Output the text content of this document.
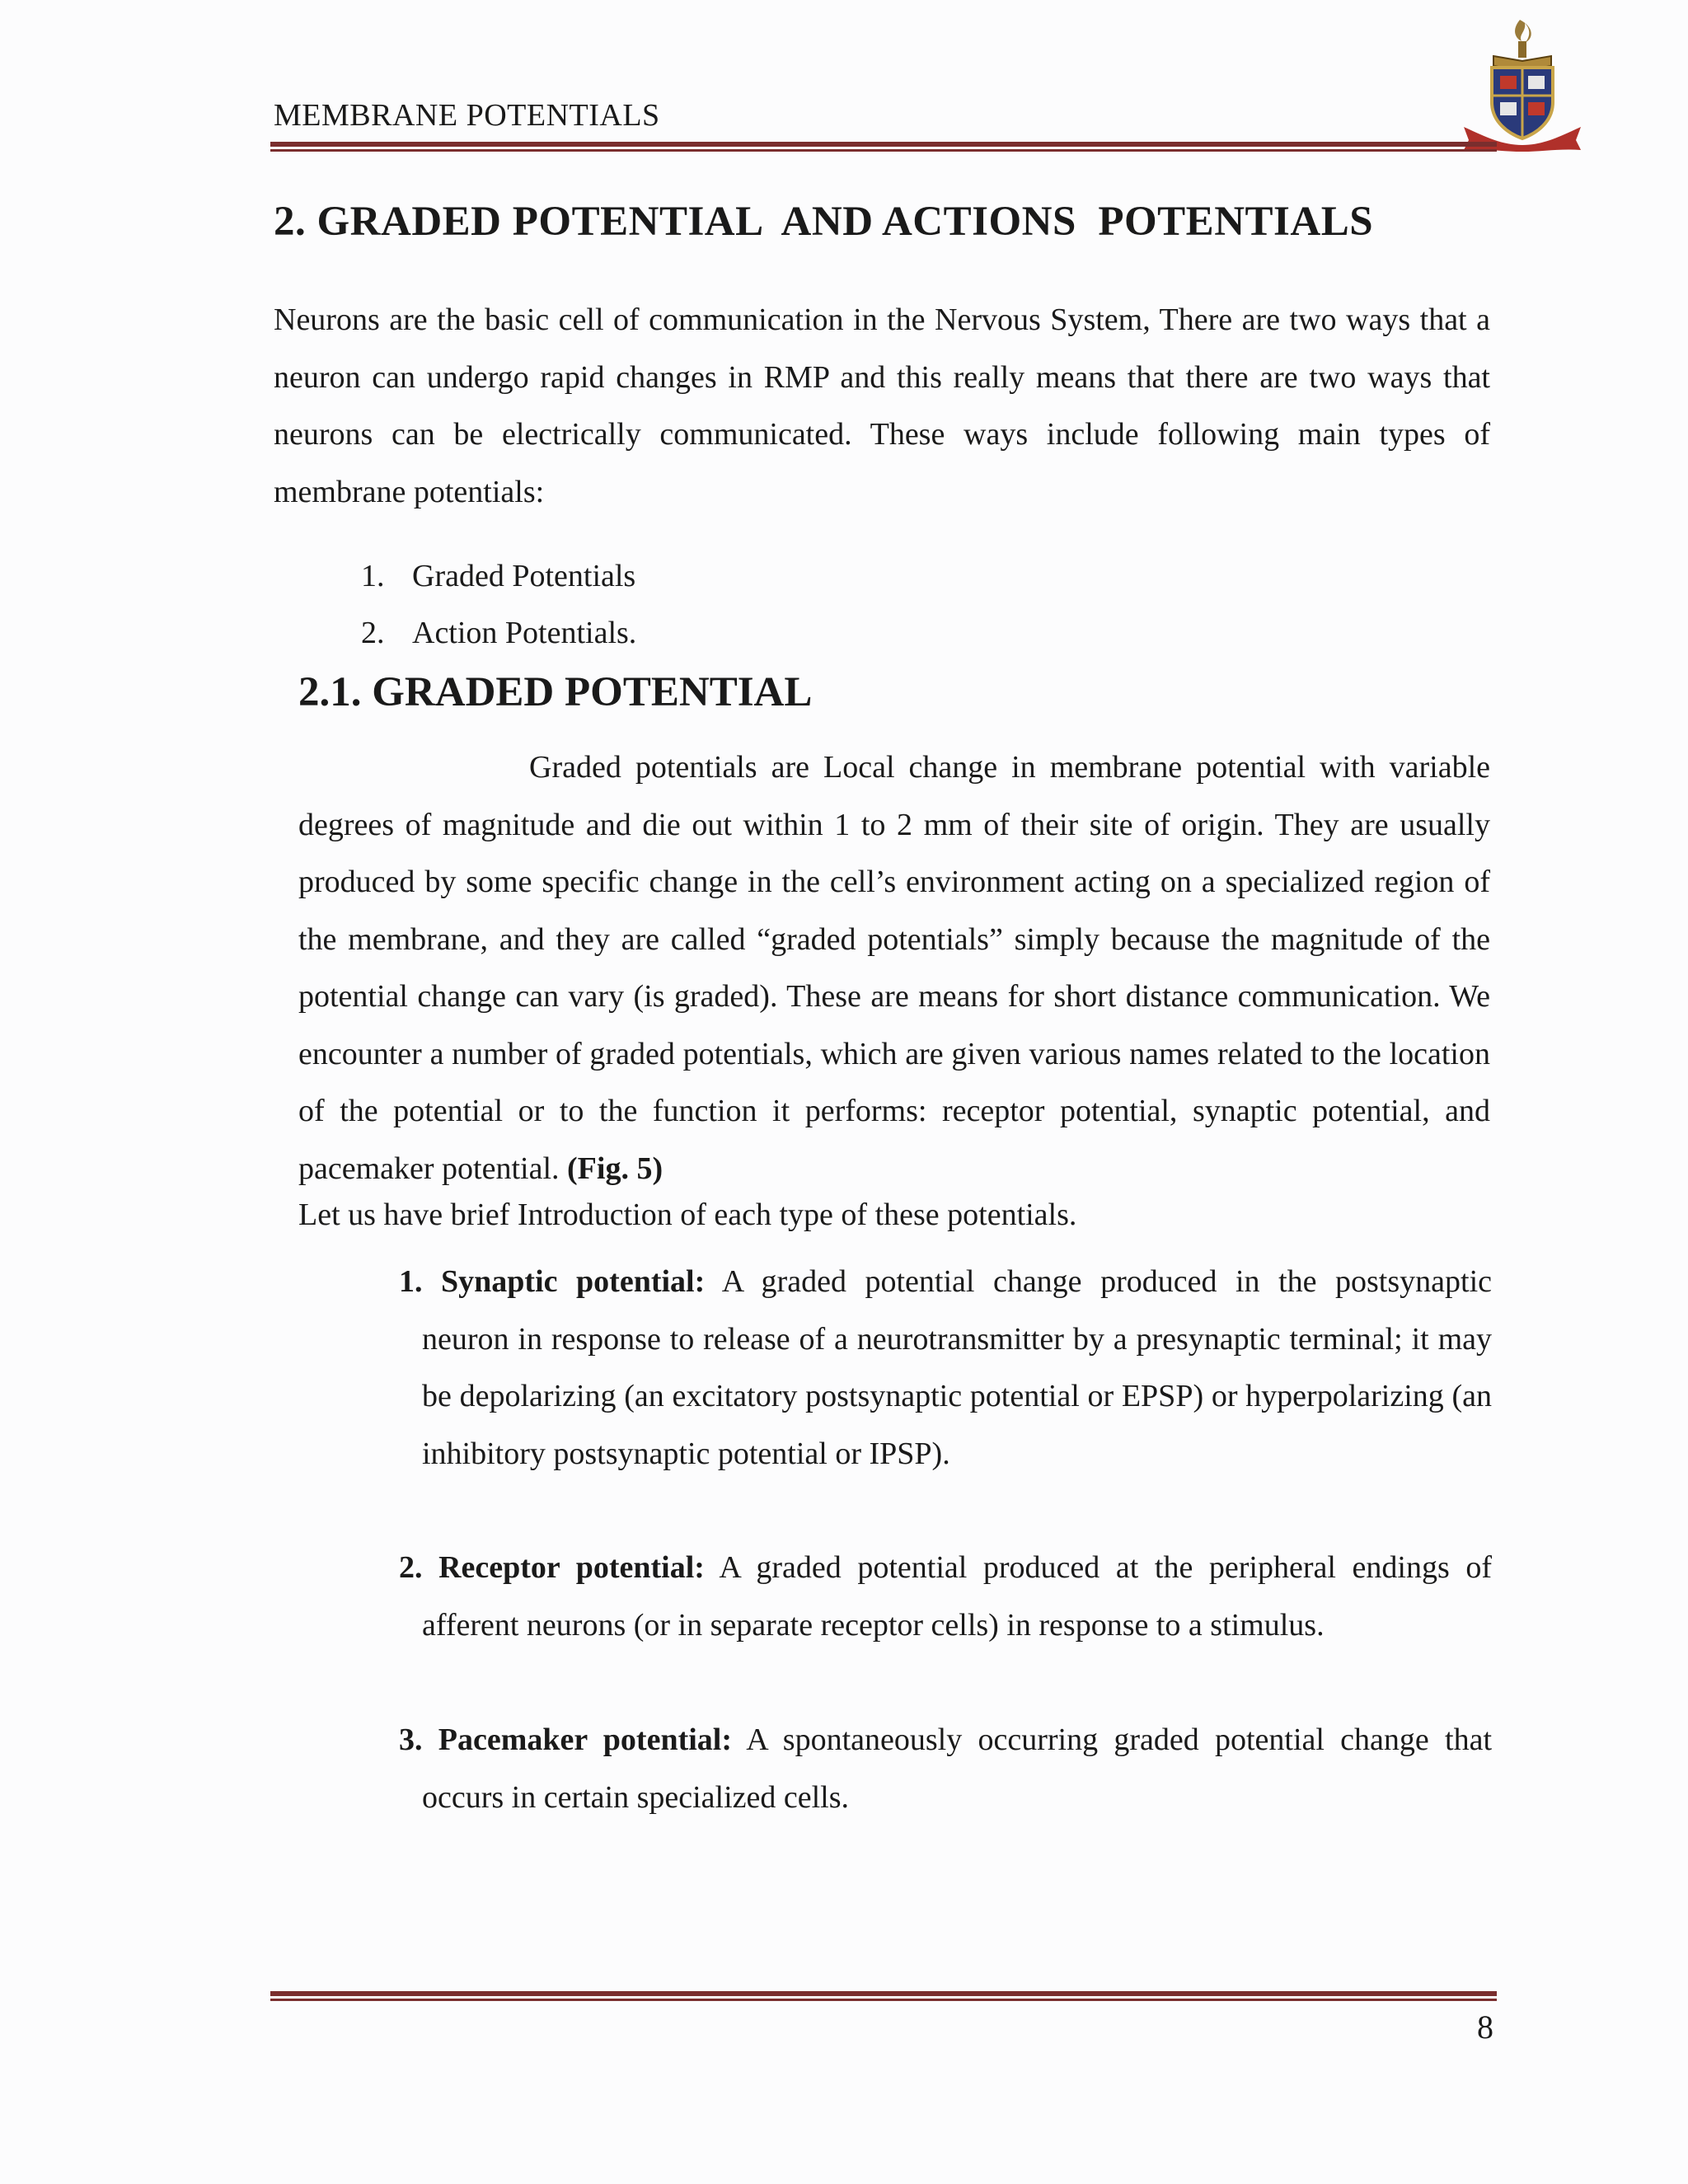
MEMBRANE POTENTIALS
2. GRADED POTENTIAL  AND ACTIONS  POTENTIALS
Neurons are the basic cell of communication in the Nervous System, There are two ways that a neuron can undergo rapid changes in RMP and this really means that there are two ways that neurons can be electrically communicated. These ways include following main types of membrane potentials:
1. Graded Potentials
2. Action Potentials.
2.1. GRADED POTENTIAL
Graded potentials are Local change in membrane potential with variable degrees of magnitude and die out within 1 to 2 mm of their site of origin. They are usually produced by some specific change in the cell’s environment acting on a specialized region of the membrane, and they are called “graded potentials” simply because the magnitude of the potential change can vary (is graded). These are means for short distance communication. We encounter a number of graded potentials, which are given various names related to the location of the potential or to the function it performs: receptor potential, synaptic potential, and pacemaker potential. (Fig. 5)
Let us have brief Introduction of each type of these potentials.
1. Synaptic potential: A graded potential change produced in the postsynaptic
neuron in response to release of a neurotransmitter by a presynaptic terminal; it may be depolarizing (an excitatory postsynaptic potential or EPSP) or hyperpolarizing (an inhibitory postsynaptic potential or IPSP).
2. Receptor potential: A graded potential produced at the peripheral endings of
afferent neurons (or in separate receptor cells) in response to a stimulus.
3. Pacemaker potential: A spontaneously occurring graded potential change that
occurs in certain specialized cells.
8
